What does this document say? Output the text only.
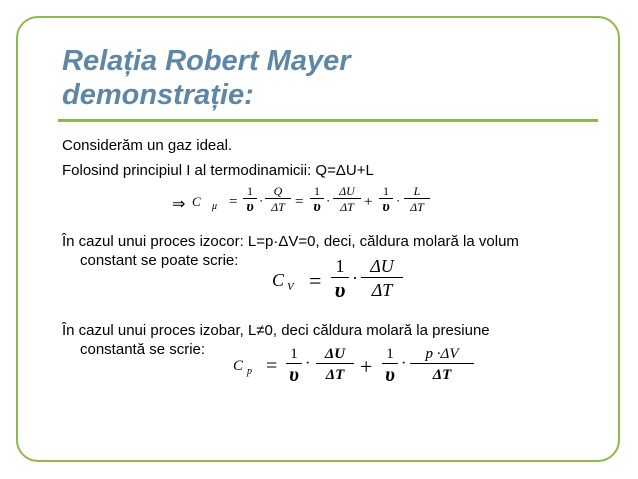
Relația Robert Mayer
demonstrație:
Considerăm un gaz ideal.
Folosind principiul I al termodinamicii: Q=ΔU+L
⇒ C μ =
1
υ ·
Q
ΔT =
1
υ ·
ΔU
ΔT +
1
υ ·
L
ΔT
În cazul unui proces izocor: L=p·ΔV=0, deci, căldura molară la volum
constant se poate scrie:
C V =
1
υ ·
ΔU
ΔT
În cazul unui proces izobar, L≠0, deci căldura molară la presiune
constantă se scrie:
C p =
1
υ
·
ΔU
ΔT + 1
υ
·
p ·ΔV
ΔT
